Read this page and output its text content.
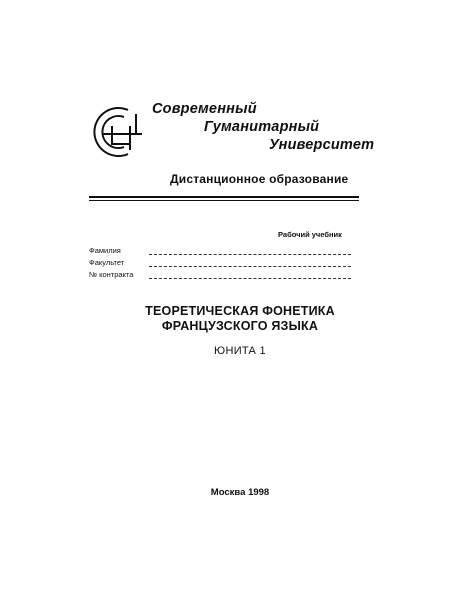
Современный
Гуманитарный
Университет
Дистанционное образование
Рабочий учебник
Фамилия
Факультет
№ контракта
ТЕОРЕТИЧЕСКАЯ ФОНЕТИКА
ФРАНЦУЗСКОГО ЯЗЫКА
ЮНИТА 1
Москва 1998
